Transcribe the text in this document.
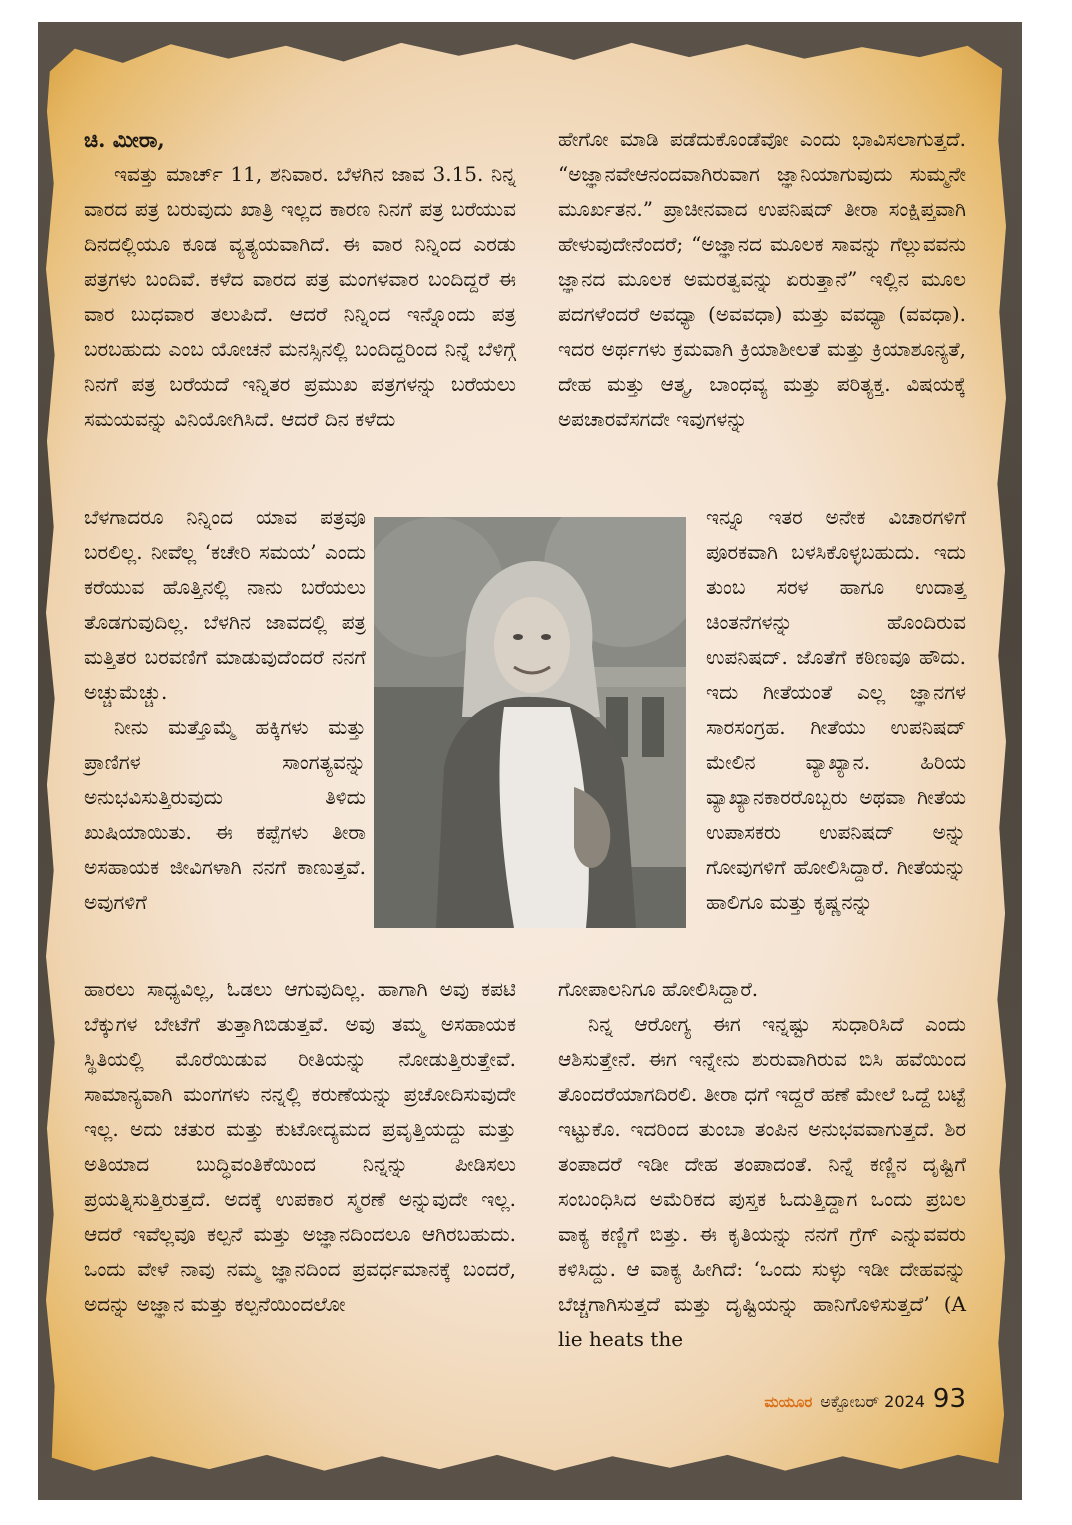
ಚಿ. ಮೀರಾ,

ಇವತ್ತು ಮಾರ್ಚ್ 11, ಶನಿವಾರ. ಬೆಳಗಿನ ಜಾವ 3.15. ನಿನ್ನ ವಾರದ ಪತ್ರ ಬರುವುದು ಖಾತ್ರಿ ಇಲ್ಲದ ಕಾರಣ ನಿನಗೆ ಪತ್ರ ಬರೆಯುವ ದಿನದಲ್ಲಿಯೂ ಕೂಡ ವ್ಯತ್ಯಯವಾಗಿದೆ. ಈ ವಾರ ನಿನ್ನಿಂದ ಎರಡು ಪತ್ರಗಳು ಬಂದಿವೆ. ಕಳೆದ ವಾರದ ಪತ್ರ ಮಂಗಳವಾರ ಬಂದಿದ್ದರೆ ಈ ವಾರ ಬುಧವಾರ ತಲುಪಿದೆ. ಆದರೆ ನಿನ್ನಿಂದ ಇನ್ನೊಂದು ಪತ್ರ ಬರಬಹುದು ಎಂಬ ಯೋಚನೆ ಮನಸ್ಸಿನಲ್ಲಿ ಬಂದಿದ್ದರಿಂದ ನಿನ್ನೆ ಬೆಳಿಗ್ಗೆ ನಿನಗೆ ಪತ್ರ ಬರೆಯದೆ ಇನ್ನಿತರ ಪ್ರಮುಖ ಪತ್ರಗಳನ್ನು ಬರೆಯಲು ಸಮಯವನ್ನು ವಿನಿಯೋಗಿಸಿದೆ. ಆದರೆ ದಿನ ಕಳೆದು

ಬೆಳಗಾದರೂ ನಿನ್ನಿಂದ ಯಾವ ಪತ್ರವೂ ಬರಲಿಲ್ಲ. ನೀವೆಲ್ಲ ‘ಕಚೇರಿ ಸಮಯ’ ಎಂದು ಕರೆಯುವ ಹೊತ್ತಿನಲ್ಲಿ ನಾನು ಬರೆಯಲು ತೊಡಗುವುದಿಲ್ಲ. ಬೆಳಗಿನ ಜಾವದಲ್ಲಿ ಪತ್ರ ಮತ್ತಿತರ ಬರವಣಿಗೆ ಮಾಡುವುದೆಂದರೆ ನನಗೆ ಅಚ್ಚುಮೆಚ್ಚು.

ನೀನು ಮತ್ತೊಮ್ಮೆ ಹಕ್ಕಿಗಳು ಮತ್ತು ಪ್ರಾಣಿಗಳ ಸಾಂಗತ್ಯವನ್ನು ಅನುಭವಿಸುತ್ತಿರುವುದು ತಿಳಿದು ಖುಷಿಯಾಯಿತು. ಈ ಕಪ್ಪೆಗಳು ತೀರಾ ಅಸಹಾಯಕ ಜೀವಿಗಳಾಗಿ ನನಗೆ ಕಾಣುತ್ತವೆ. ಅವುಗಳಿಗೆ

ಹಾರಲು ಸಾಧ್ಯವಿಲ್ಲ, ಓಡಲು ಆಗುವುದಿಲ್ಲ. ಹಾಗಾಗಿ ಅವು ಕಪಟಿ ಬೆಕ್ಕುಗಳ ಬೇಟೆಗೆ ತುತ್ತಾಗಿಬಿಡುತ್ತವೆ. ಅವು ತಮ್ಮ ಅಸಹಾಯಕ ಸ್ಥಿತಿಯಲ್ಲಿ ಮೊರೆಯಿಡುವ ರೀತಿಯನ್ನು ನೋಡುತ್ತಿರುತ್ತೇವೆ. ಸಾಮಾನ್ಯವಾಗಿ ಮಂಗಗಳು ನನ್ನಲ್ಲಿ ಕರುಣೆಯನ್ನು ಪ್ರಚೋದಿಸುವುದೇ ಇಲ್ಲ. ಅದು ಚತುರ ಮತ್ತು ಕುಟೋದ್ಯಮದ ಪ್ರವೃತ್ತಿಯದ್ದು ಮತ್ತು ಅತಿಯಾದ ಬುದ್ಧಿವಂತಿಕೆಯಿಂದ ನಿನ್ನನ್ನು ಪೀಡಿಸಲು ಪ್ರಯತ್ನಿಸುತ್ತಿರುತ್ತದೆ. ಅದಕ್ಕೆ ಉಪಕಾರ ಸ್ಮರಣೆ ಅನ್ನುವುದೇ ಇಲ್ಲ. ಆದರೆ ಇವೆಲ್ಲವೂ ಕಲ್ಪನೆ ಮತ್ತು ಅಜ್ಞಾನದಿಂದಲೂ ಆಗಿರಬಹುದು. ಒಂದು ವೇಳೆ ನಾವು ನಮ್ಮ ಜ್ಞಾನದಿಂದ ಪ್ರವರ್ಧಮಾನಕ್ಕೆ ಬಂದರೆ, ಅದನ್ನು ಅಜ್ಞಾನ ಮತ್ತು ಕಲ್ಪನೆಯಿಂದಲೋ

ಹೇಗೋ ಮಾಡಿ ಪಡೆದುಕೊಂಡೆವೋ ಎಂದು ಭಾವಿಸಲಾಗುತ್ತದೆ. “ಅಜ್ಞಾನವೇಆನಂದವಾಗಿರುವಾಗ ಜ್ಞಾನಿಯಾಗುವುದು ಸುಮ್ಮನೇ ಮೂರ್ಖತನ.” ಪ್ರಾಚೀನವಾದ ಉಪನಿಷದ್ ತೀರಾ ಸಂಕ್ಷಿಪ್ತವಾಗಿ ಹೇಳುವುದೇನೆಂದರೆ; “ಅಜ್ಞಾನದ ಮೂಲಕ ಸಾವನ್ನು ಗೆಲ್ಲುವವನು ಜ್ಞಾನದ ಮೂಲಕ ಅಮರತ್ವವನ್ನು ಏರುತ್ತಾನೆ” ಇಲ್ಲಿನ ಮೂಲ ಪದಗಳೆಂದರೆ ಅವಧ್ಯಾ (ಅವವಧಾ) ಮತ್ತು ವವಧ್ಯಾ (ವವಧಾ). ಇದರ ಅರ್ಥಗಳು ಕ್ರಮವಾಗಿ ಕ್ರಿಯಾಶೀಲತೆ ಮತ್ತು ಕ್ರಿಯಾಶೂನ್ಯತೆ, ದೇಹ ಮತ್ತು ಆತ್ಮ, ಬಾಂಧವ್ಯ ಮತ್ತು ಪರಿತ್ಯಕ್ತ. ವಿಷಯಕ್ಕೆ ಅಪಚಾರವೆಸಗದೇ ಇವುಗಳನ್ನು

ಇನ್ನೂ ಇತರ ಅನೇಕ ವಿಚಾರಗಳಿಗೆ ಪೂರಕವಾಗಿ ಬಳಸಿಕೊಳ್ಳಬಹುದು. ಇದು ತುಂಬ ಸರಳ ಹಾಗೂ ಉದಾತ್ತ ಚಿಂತನೆಗಳನ್ನು ಹೊಂದಿರುವ ಉಪನಿಷದ್. ಜೊತೆಗೆ ಕಠಿಣವೂ ಹೌದು. ಇದು ಗೀತೆಯಂತೆ ಎಲ್ಲ ಜ್ಞಾನಗಳ ಸಾರಸಂಗ್ರಹ. ಗೀತೆಯು ಉಪನಿಷದ್ ಮೇಲಿನ ವ್ಯಾಖ್ಯಾನ. ಹಿರಿಯ ವ್ಯಾಖ್ಯಾನಕಾರರೊಬ್ಬರು ಅಥವಾ ಗೀತೆಯ ಉಪಾಸಕರು ಉಪನಿಷದ್ ಅನ್ನು ಗೋವುಗಳಿಗೆ ಹೋಲಿಸಿದ್ದಾರೆ. ಗೀತೆಯನ್ನು ಹಾಲಿಗೂ ಮತ್ತು ಕೃಷ್ಣನನ್ನು

ಗೋಪಾಲನಿಗೂ ಹೋಲಿಸಿದ್ದಾರೆ.

ನಿನ್ನ ಆರೋಗ್ಯ ಈಗ ಇನ್ನಷ್ಟು ಸುಧಾರಿಸಿದೆ ಎಂದು ಆಶಿಸುತ್ತೇನೆ. ಈಗ ಇನ್ನೇನು ಶುರುವಾಗಿರುವ ಬಿಸಿ ಹವೆಯಿಂದ ತೊಂದರೆಯಾಗದಿರಲಿ. ತೀರಾ ಧಗೆ ಇದ್ದರೆ ಹಣೆ ಮೇಲೆ ಒದ್ದೆ ಬಟ್ಟೆ ಇಟ್ಟುಕೊ. ಇದರಿಂದ ತುಂಬಾ ತಂಪಿನ ಅನುಭವವಾಗುತ್ತದೆ. ಶಿರ ತಂಪಾದರೆ ಇಡೀ ದೇಹ ತಂಪಾದಂತೆ. ನಿನ್ನೆ ಕಣ್ಣಿನ ದೃಷ್ಟಿಗೆ ಸಂಬಂಧಿಸಿದ ಅಮೆರಿಕದ ಪುಸ್ತಕ ಓದುತ್ತಿದ್ದಾಗ ಒಂದು ಪ್ರಬಲ ವಾಕ್ಯ ಕಣ್ಣಿಗೆ ಬಿತ್ತು. ಈ ಕೃತಿಯನ್ನು ನನಗೆ ಗ್ರೆಗ್ ಎನ್ನುವವರು ಕಳಿಸಿದ್ದು. ಆ ವಾಕ್ಯ ಹೀಗಿದೆ: ‘ಒಂದು ಸುಳ್ಳು ಇಡೀ ದೇಹವನ್ನು ಬೆಚ್ಚಗಾಗಿಸುತ್ತದೆ ಮತ್ತು ದೃಷ್ಟಿಯನ್ನು ಹಾನಿಗೊಳಿಸುತ್ತದೆ’ (A lie heats the

ಮಯೂರ ಅಕ್ಟೋಬರ್ 2024 93
